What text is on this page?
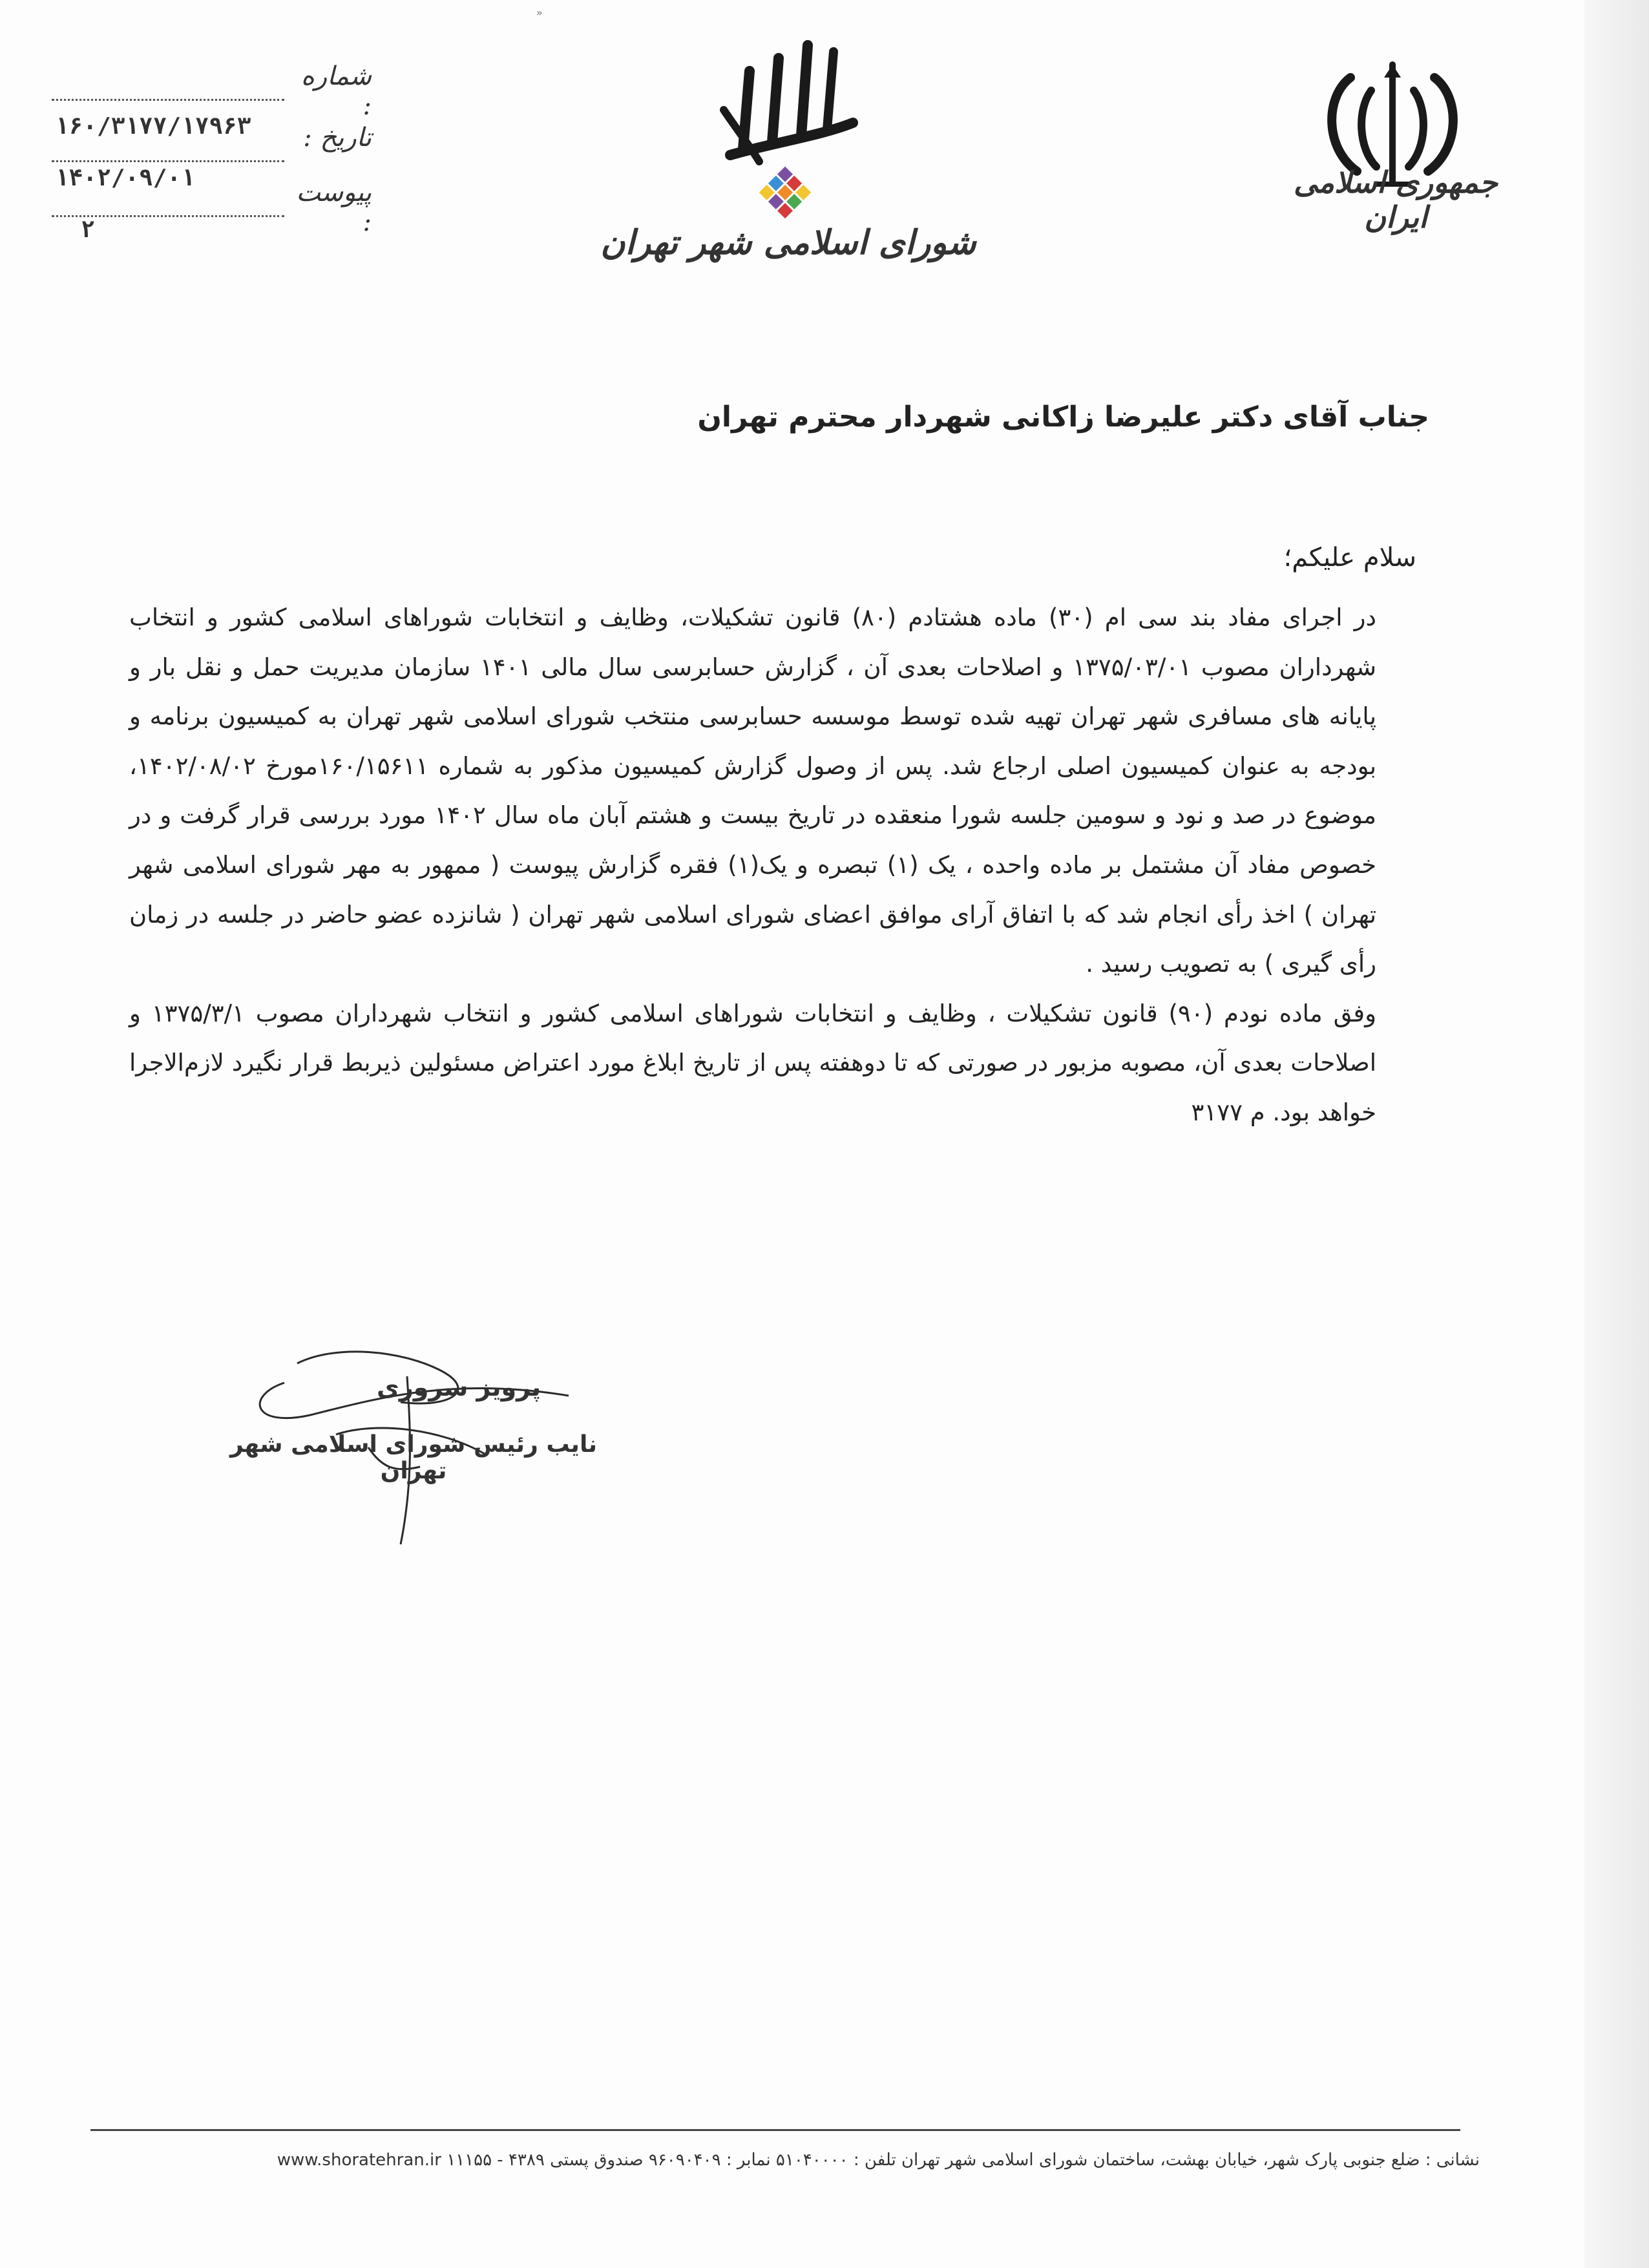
»
جمهوری اسلامی ایران
شورای اسلامی شهر تهران
شماره :
۱۶۰/۳۱۷۷/۱۷۹۶۳	تاریخ :
۱۴۰۲/۰۹/۰۱	پیوست :
۲
جناب آقای دکتر علیرضا زاکانی شهردار محترم تهران
سلام علیکم؛

در اجرای مفاد بند سی ام (۳۰) ماده هشتادم (۸۰) قانون تشکیلات، وظایف و انتخابات شوراهای اسلامی کشور و انتخاب شهرداران مصوب ۱۳۷۵/۰۳/۰۱ و اصلاحات بعدی آن ، گزارش حسابرسی سال مالی ۱۴۰۱ سازمان مدیریت حمل و نقل بار و پایانه های مسافری شهر تهران تهیه شده توسط موسسه حسابرسی منتخب شورای اسلامی شهر تهران به کمیسیون برنامه و بودجه به عنوان کمیسیون اصلی ارجاع شد. پس از وصول گزارش کمیسیون مذکور به شماره ۱۶۰/۱۵۶۱۱مورخ ۱۴۰۲/۰۸/۰۲، موضوع در صد و نود و سومین جلسه شورا منعقده در تاریخ بیست و هشتم آبان ماه سال ۱۴۰۲ مورد بررسی قرار گرفت و در خصوص مفاد آن مشتمل بر ماده واحده ، یک (۱) تبصره و یک(۱) فقره گزارش پیوست ( ممهور به مهر شورای اسلامی شهر تهران ) اخذ رأی انجام شد که با اتفاق آرای موافق اعضای شورای اسلامی شهر تهران ( شانزده عضو حاضر در جلسه در زمان رأی گیری ) به تصویب رسید .

وفق ماده نودم (۹۰) قانون تشکیلات ، وظایف و انتخابات شوراهای اسلامی کشور و انتخاب شهرداران مصوب ۱۳۷۵/۳/۱ و اصلاحات بعدی آن، مصوبه مزبور در صورتی که تا دوهفته پس از تاریخ ابلاغ مورد اعتراض مسئولین ذیربط قرار نگیرد لازم‌الاجرا خواهد بود. م ۳۱۷۷

پرویز سروری
نایب رئیس شورای اسلامی شهر تهران
نشانی : ضلع جنوبی پارک شهر، خیابان بهشت، ساختمان شورای اسلامی شهر تهران تلفن : ۵۱۰۴۰۰۰۰ نمابر : ۹۶۰۹۰۴۰۹ صندوق پستی ۴۳۸۹ - ۱۱۱۵۵ www.shoratehran.ir
